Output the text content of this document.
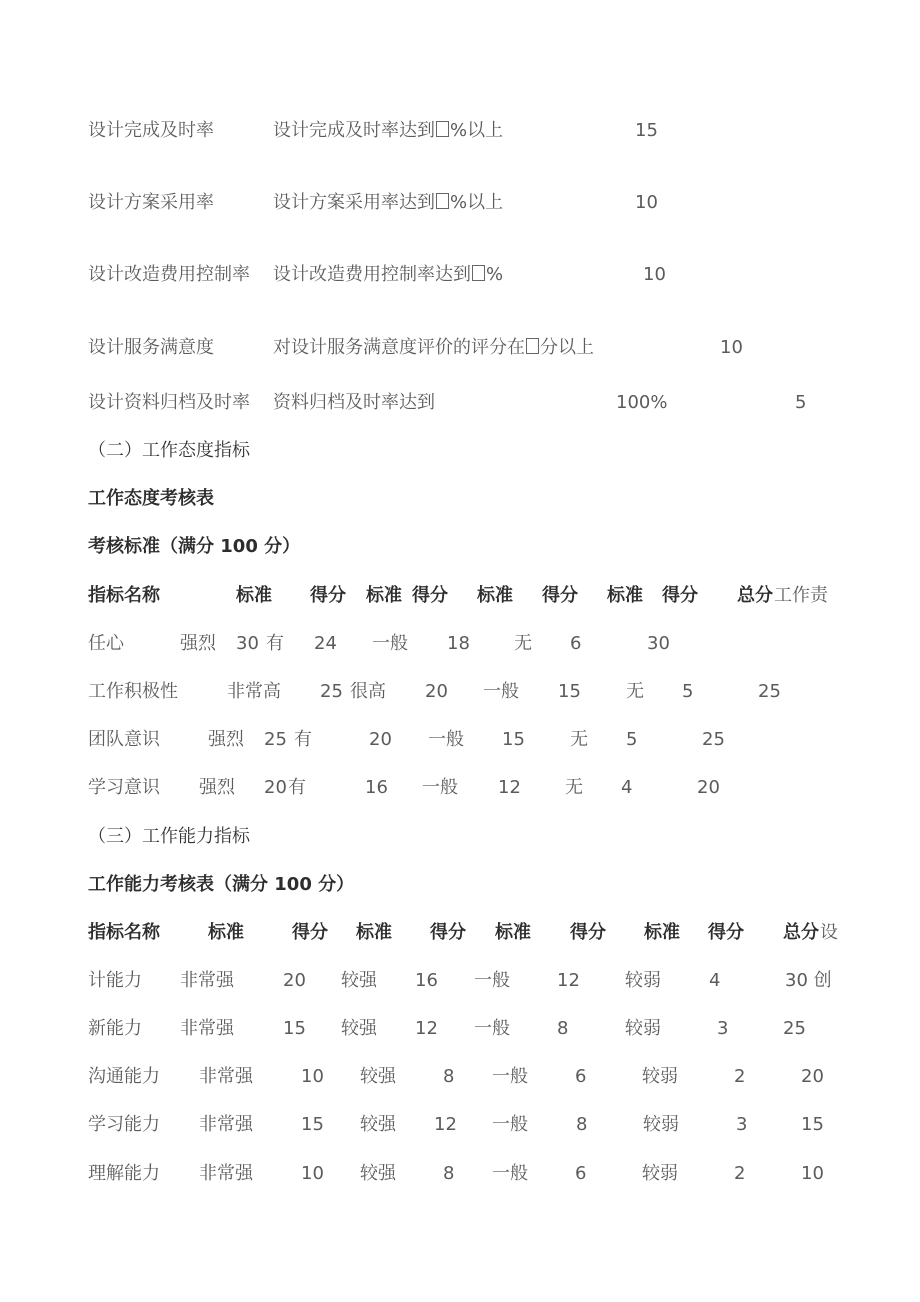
设计完成及时率	设计完成及时率达到 %以上	15
设计方案采用率	设计方案采用率达到 %以上	10
设计改造费用控制率 设计改造费用控制率达到 %	10
设计服务满意度	对设计服务满意度评价的评分在 分以上	10
设计资料归档及时率 资料归档及时率达到	100%	5
（二）工作态度指标
工作态度考核表
考核标准（满分 100 分）
指标名称	标准 得分 标准 得分 标准 得分 标准 得分 总分 工作责
任心	强烈 30 有 24 一般 18 无 6	30
工作积极性	非常高 25 很高 20 一般 15	无 5	25
团队意识	强烈 25 有	20 一般 15	无 5	25
学习意识 强烈 20 有	16 一般 12 无 4	20
（三）工作能力指标
工作能力考核表（满分 100 分）
指标名称	标准	得分 标准 得分 标准 得分 标准 得分 总分 设
计能力 非常强	20 较强 16 一般	12	较弱	4	30 创
新能力 非常强	15 较强 12 一般	8	较弱	3	25
沟通能力 非常强	10 较强	8 一般	6	较弱	2	20
学习能力 非常强	15 较强 12 一般	8	较弱	3	15
理解能力 非常强	10 较强	8 一般	6	较弱	2	10
